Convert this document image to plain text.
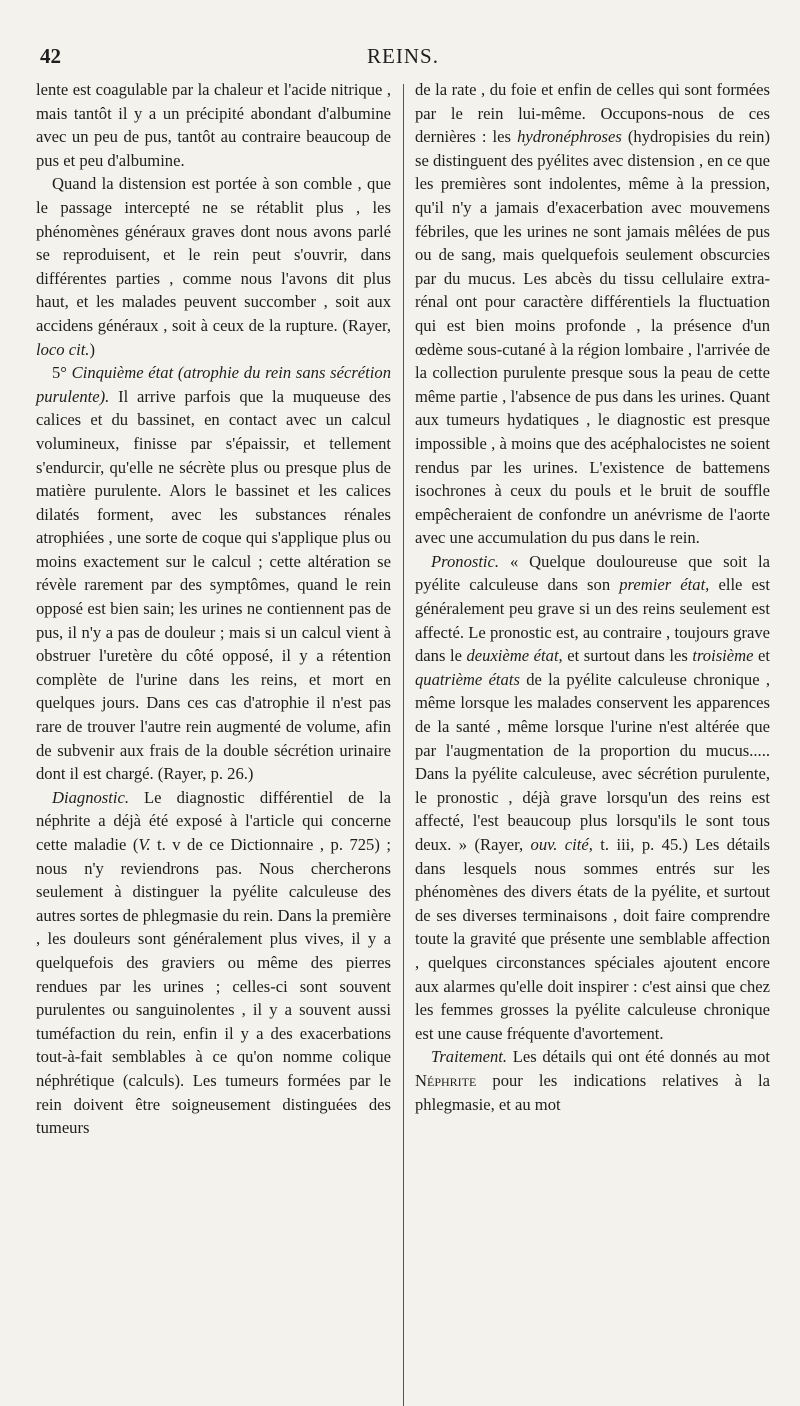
42	REINS.

lente est coagulable par la chaleur et l'acide nitrique , mais tantôt il y a un précipité abondant d'albumine avec un peu de pus, tantôt au contraire beaucoup de pus et peu d'albumine.

Quand la distension est portée à son comble , que le passage intercepté ne se rétablit plus , les phénomènes généraux graves dont nous avons parlé se reproduisent, et le rein peut s'ouvrir, dans différentes parties , comme nous l'avons dit plus haut, et les malades peuvent succomber , soit aux accidens généraux , soit à ceux de la rupture. (Rayer, loco cit.)

5° Cinquième état (atrophie du rein sans sécrétion purulente). Il arrive parfois que la muqueuse des calices et du bassinet, en contact avec un calcul volumineux, finisse par s'épaissir, et tellement s'endurcir, qu'elle ne sécrète plus ou presque plus de matière purulente. Alors le bassinet et les calices dilatés forment, avec les substances rénales atrophiées , une sorte de coque qui s'applique plus ou moins exactement sur le calcul ; cette altération se révèle rarement par des symptômes, quand le rein opposé est bien sain; les urines ne contiennent pas de pus, il n'y a pas de douleur ; mais si un calcul vient à obstruer l'uretère du côté opposé, il y a rétention complète de l'urine dans les reins, et mort en quelques jours. Dans ces cas d'atrophie il n'est pas rare de trouver l'autre rein augmenté de volume, afin de subvenir aux frais de la double sécrétion urinaire dont il est chargé. (Rayer, p. 26.)

Diagnostic. Le diagnostic différentiel de la néphrite a déjà été exposé à l'article qui concerne cette maladie (V. t. v de ce Dictionnaire , p. 725) ; nous n'y reviendrons pas. Nous chercherons seulement à distinguer la pyélite calculeuse des autres sortes de phlegmasie du rein. Dans la première , les douleurs sont généralement plus vives, il y a quelquefois des graviers ou même des pierres rendues par les urines ; celles-ci sont souvent purulentes ou sanguinolentes , il y a souvent aussi tuméfaction du rein, enfin il y a des exacerbations tout-à-fait semblables à ce qu'on nomme colique néphrétique (calculs). Les tumeurs formées par le rein doivent être soigneusement distinguées des tumeurs

de la rate , du foie et enfin de celles qui sont formées par le rein lui-même. Occupons-nous de ces dernières : les hydronéphroses (hydropisies du rein) se distinguent des pyélites avec distension , en ce que les premières sont indolentes, même à la pression, qu'il n'y a jamais d'exacerbation avec mouvemens fébriles, que les urines ne sont jamais mêlées de pus ou de sang, mais quelquefois seulement obscurcies par du mucus. Les abcès du tissu cellulaire extra-rénal ont pour caractère différentiels la fluctuation qui est bien moins profonde , la présence d'un œdème sous-cutané à la région lombaire , l'arrivée de la collection purulente presque sous la peau de cette même partie , l'absence de pus dans les urines. Quant aux tumeurs hydatiques , le diagnostic est presque impossible , à moins que des acéphalocistes ne soient rendus par les urines. L'existence de battemens isochrones à ceux du pouls et le bruit de souffle empêcheraient de confondre un anévrisme de l'aorte avec une accumulation du pus dans le rein.

Pronostic. « Quelque douloureuse que soit la pyélite calculeuse dans son premier état, elle est généralement peu grave si un des reins seulement est affecté. Le pronostic est, au contraire , toujours grave dans le deuxième état, et surtout dans les troisième et quatrième états de la pyélite calculeuse chronique , même lorsque les malades conservent les apparences de la santé , même lorsque l'urine n'est altérée que par l'augmentation de la proportion du mucus..... Dans la pyélite calculeuse, avec sécrétion purulente, le pronostic , déjà grave lorsqu'un des reins est affecté, l'est beaucoup plus lorsqu'ils le sont tous deux. » (Rayer, ouv. cité, t. iii, p. 45.) Les détails dans lesquels nous sommes entrés sur les phénomènes des divers états de la pyélite, et surtout de ses diverses terminaisons , doit faire comprendre toute la gravité que présente une semblable affection , quelques circonstances spéciales ajoutent encore aux alarmes qu'elle doit inspirer : c'est ainsi que chez les femmes grosses la pyélite calculeuse chronique est une cause fréquente d'avortement.

Traitement. Les détails qui ont été donnés au mot Néphrite pour les indications relatives à la phlegmasie, et au mot
